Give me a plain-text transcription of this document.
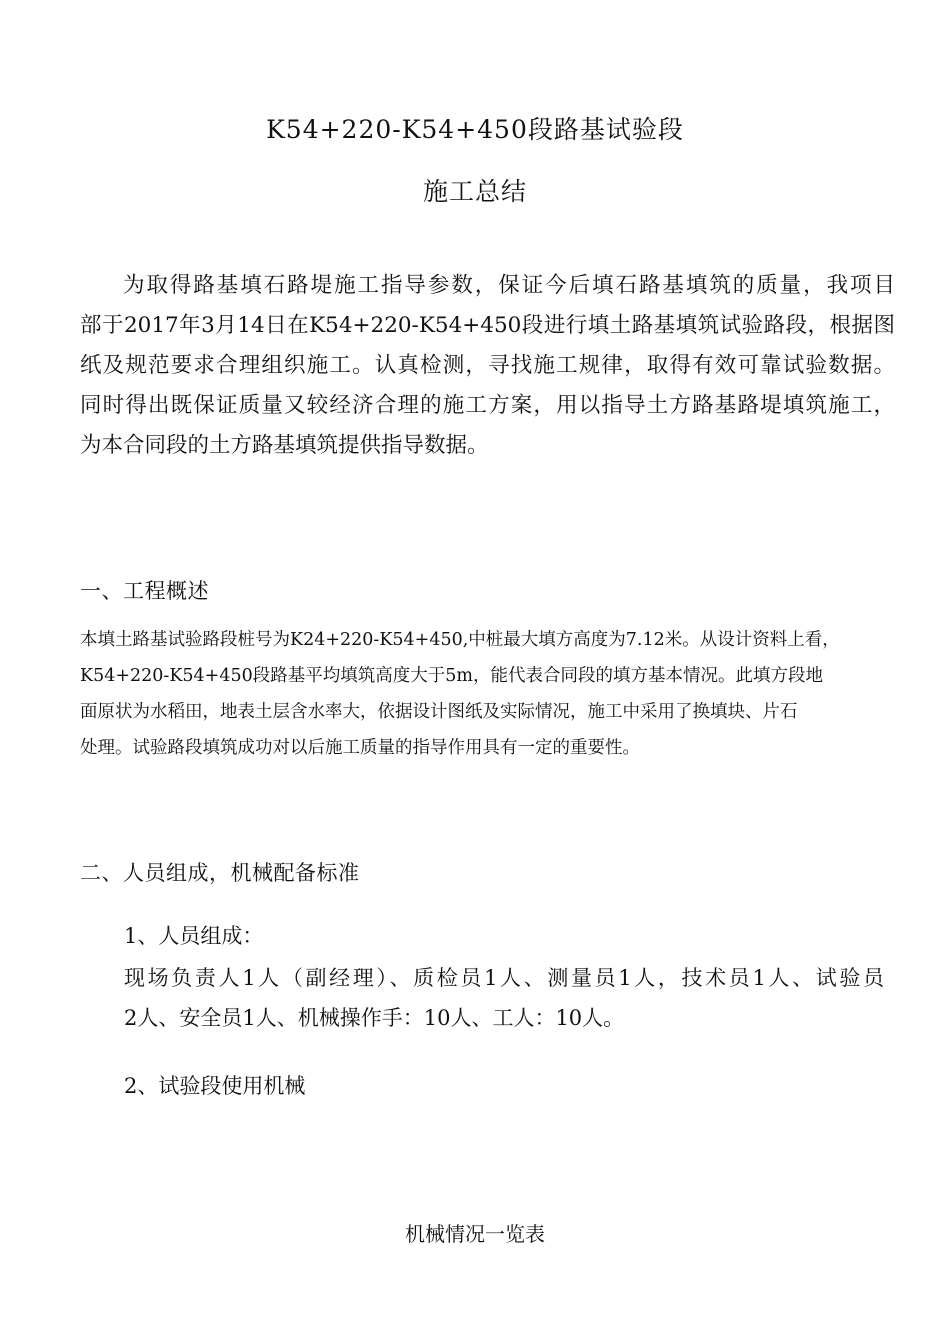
K54+220-K54+450段路基试验段
施工总结
为取得路基填石路堤施工指导参数，保证今后填石路基填筑的质量，我项目
部于2017年3月14日在K54+220-K54+450段进行填土路基填筑试验路段，根据图
纸及规范要求合理组织施工。认真检测，寻找施工规律，取得有效可靠试验数据。
同时得出既保证质量又较经济合理的施工方案，用以指导土方路基路堤填筑施工，
为本合同段的土方路基填筑提供指导数据。
一、工程概述
本填土路基试验路段桩号为K24+220-K54+450,中桩最大填方高度为7.12米。从设计资料上看，
K54+220-K54+450段路基平均填筑高度大于5m，能代表合同段的填方基本情况。此填方段地
面原状为水稻田，地表土层含水率大，依据设计图纸及实际情况，施工中采用了换填块、片石
处理。试验路段填筑成功对以后施工质量的指导作用具有一定的重要性。
二、人员组成，机械配备标准
1、人员组成：
现场负责人1人（副经理）、质检员1人、测量员1人，技术员1人、试验员
2人、安全员1人、机械操作手：10人、工人：10人。
2、试验段使用机械
机械情况一览表
